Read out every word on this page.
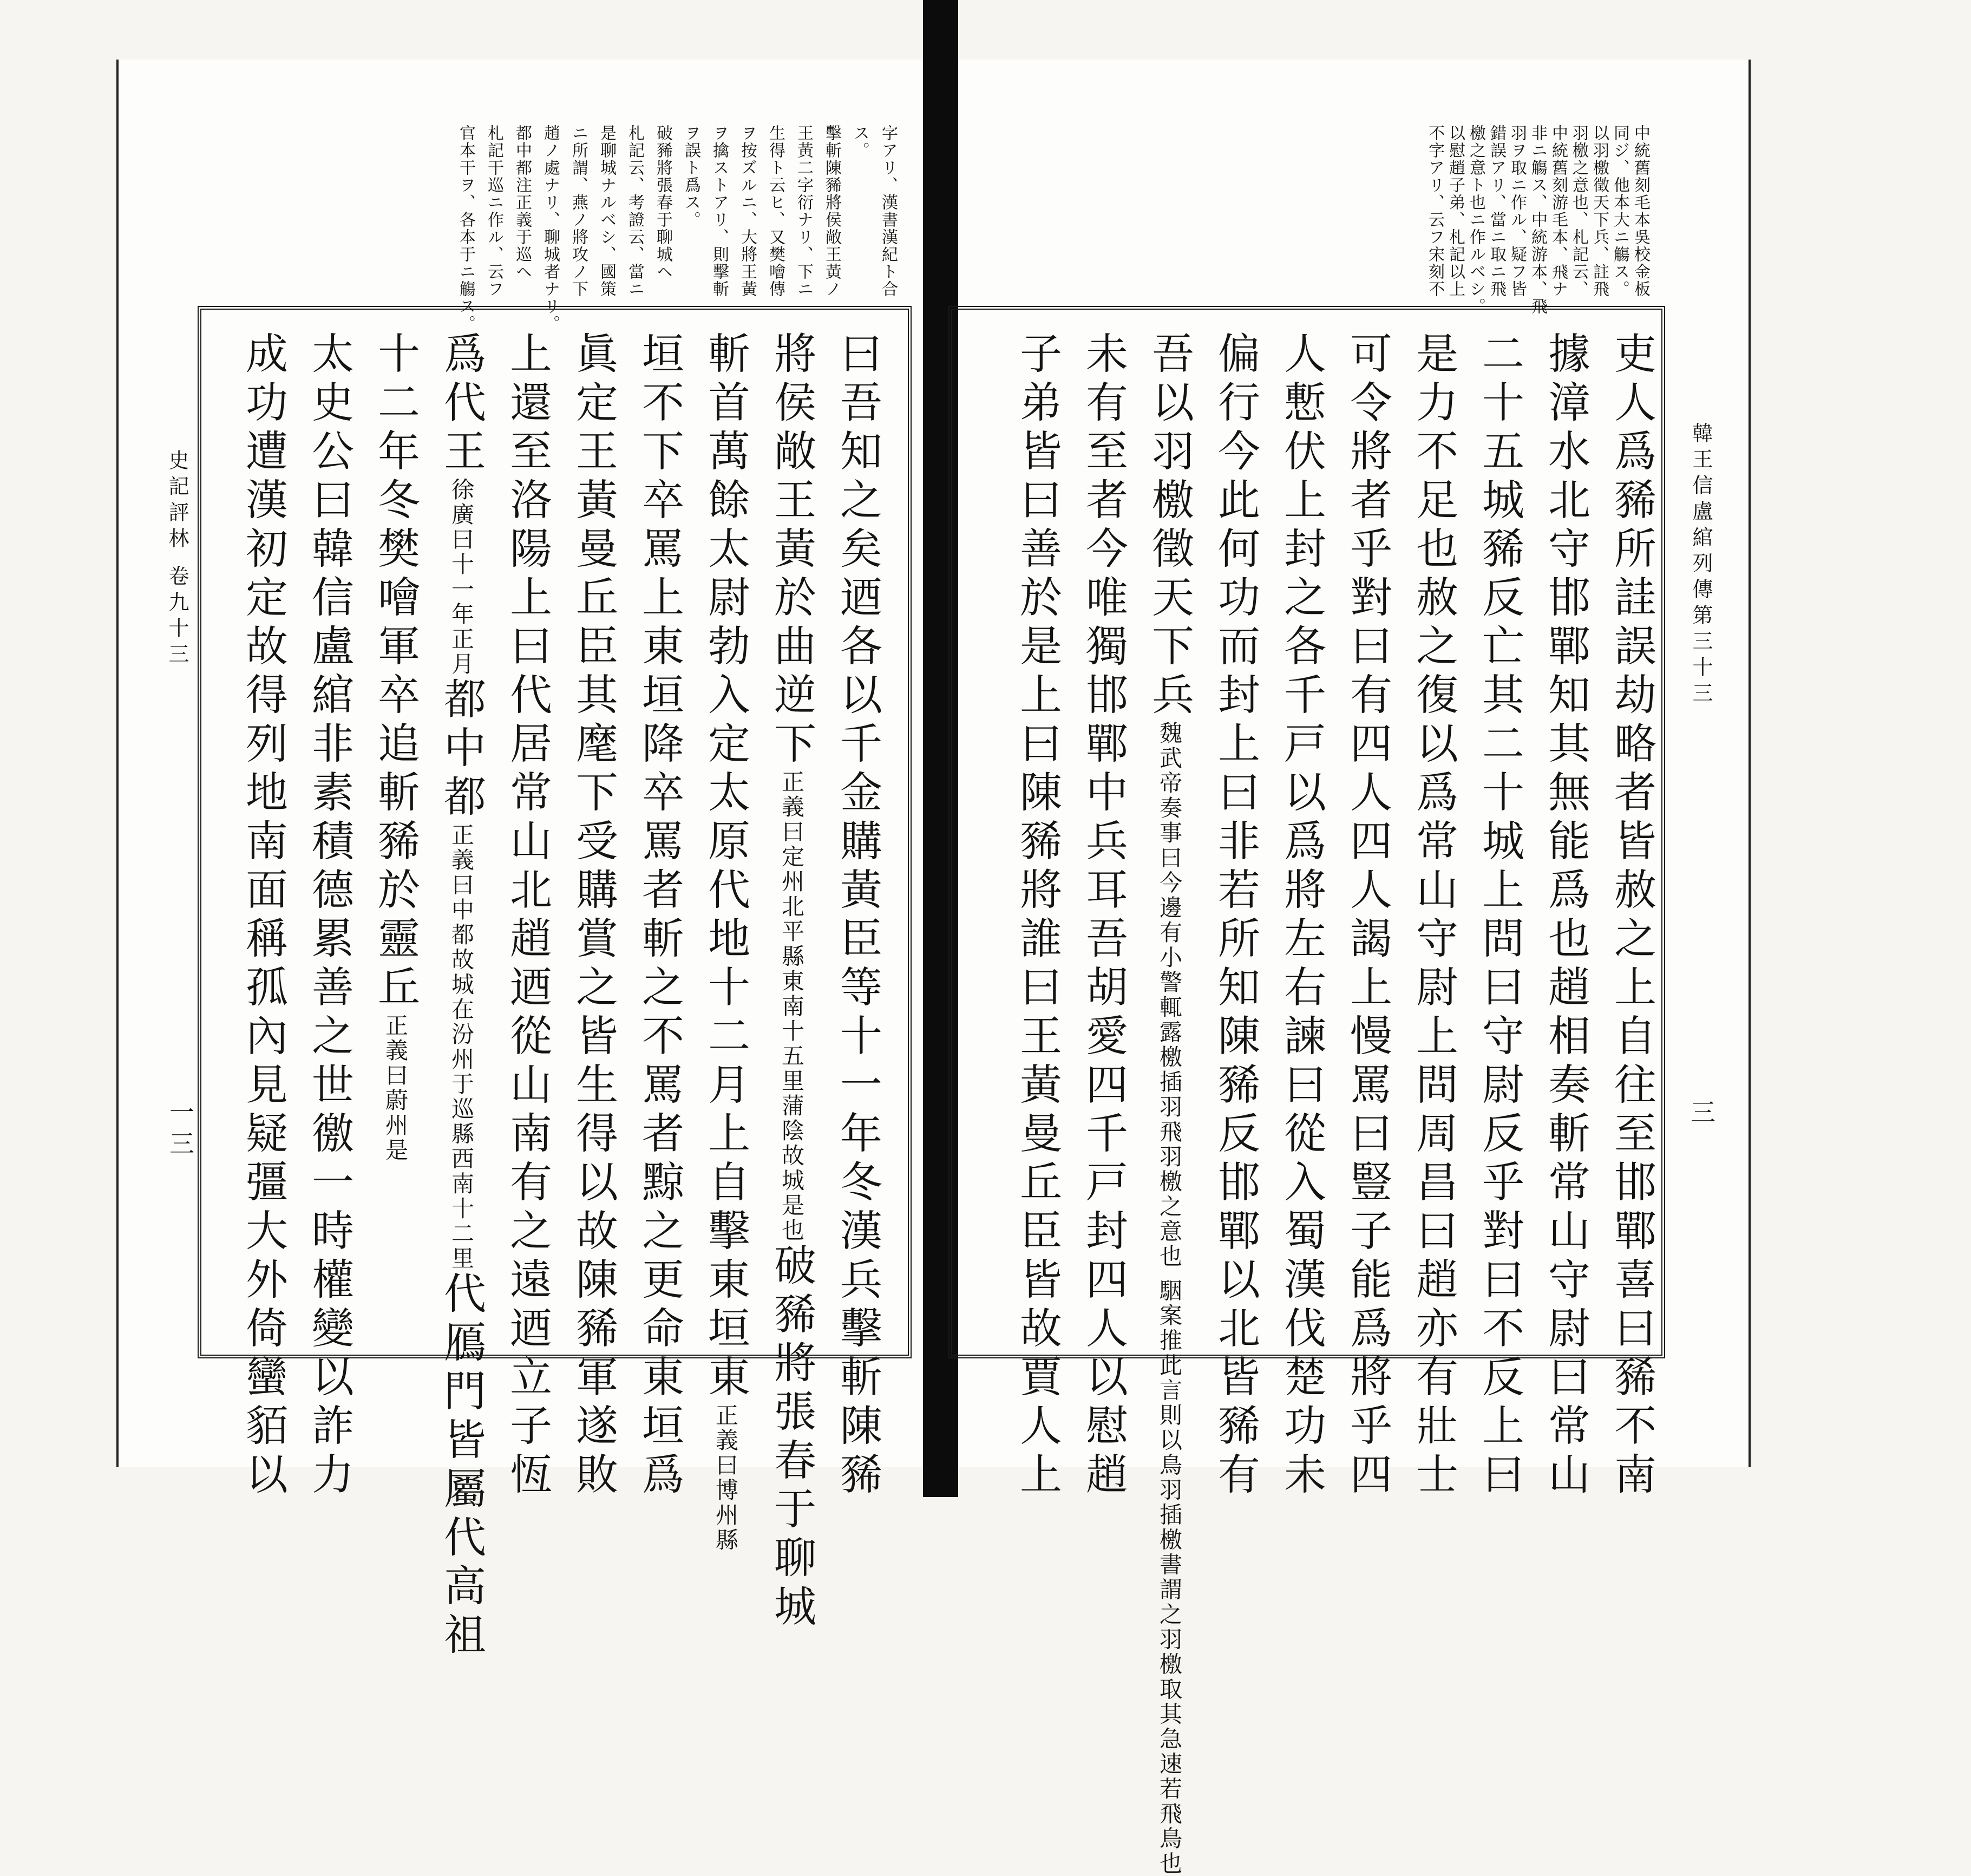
韓王信盧綰列傳第三十三
三
中統舊刻毛本吳校金板
同ジ、他本大ニ觴ス。
以羽檄徵天下兵、註飛
羽檄之意也、札記云、
中統舊刻游毛本、飛ナ
非ニ觴ス、中統游本、飛
羽ヲ取ニ作ル、疑フ皆
錯誤アリ、當ニ取ニ飛
檄之意ト也ニ作ルベシ。
以慰趙子弟、札記以上
不字アリ、云フ宋刻不
吏人爲豨所詿誤劫略者皆赦之上自往至邯鄲喜曰豨不南
據漳水北守邯鄲知其無能爲也趙相奏斬常山守尉曰常山
二十五城豨反亡其二十城上問曰守尉反乎對曰不反上曰
是力不足也赦之復以爲常山守尉上問周昌曰趙亦有壯士
可令將者乎對曰有四人四人謁上慢罵曰豎子能爲將乎四
人慙伏上封之各千戸以爲將左右諫曰從入蜀漢伐楚功未
偏行今此何功而封上曰非若所知陳豨反邯鄲以北皆豨有
吾以羽檄徵天下兵魏武帝奏事曰今邊有小警輒露檄插羽飛羽檄之意也 駰案推此言則以鳥羽插檄書謂之羽檄取其急速若飛鳥也
未有至者今唯獨邯鄲中兵耳吾胡愛四千戸封四人以慰趙
子弟皆曰善於是上曰陳豨將誰曰王黃曼丘臣皆故賈人上
史記評林 卷九十三
一三
字アリ、漢書漢紀ト合
ス。
擊斬陳豨將侯敞王黃ノ
王黃二字衍ナリ、下ニ
生得ト云ヒ、又樊噲傳
ヲ按ズルニ、大將王黃
ヲ擒ストアリ、則擊斬
ヲ誤ト爲ス。
破豨將張春于聊城ヘ
札記云、考證云、當ニ
是聊城ナルベシ、國策
ニ所謂、燕ノ將攻ノ下
趙ノ處ナリ、聊城者ナリ。
都中都注正義于巡ヘ
札記干巡ニ作ル、云フ
官本干ヲ、各本于ニ觴ス。
曰吾知之矣迺各以千金購黃臣等十一年冬漢兵擊斬陳豨
將侯敞王黃於曲逆下正義曰定州北平縣東南十五里蒲陰故城是也破豨將張春于聊城
斬首萬餘太尉勃入定太原代地十二月上自擊東垣東正義曰博州縣
垣不下卒罵上東垣降卒罵者斬之不罵者黥之更命東垣爲
眞定王黃曼丘臣其麾下受購賞之皆生得以故陳豨軍遂敗
上還至洛陽上曰代居常山北趙迺從山南有之遠迺立子恆
爲代王徐廣曰十一年正月都中都正義曰中都故城在汾州于巡縣西南十二里代鴈門皆屬代高祖
十二年冬樊噲軍卒追斬豨於靈丘正義曰蔚州是
太史公曰韓信盧綰非素積德累善之世徼一時權變以詐力
成功遭漢初定故得列地南面稱孤內見疑彊大外倚蠻貊以
